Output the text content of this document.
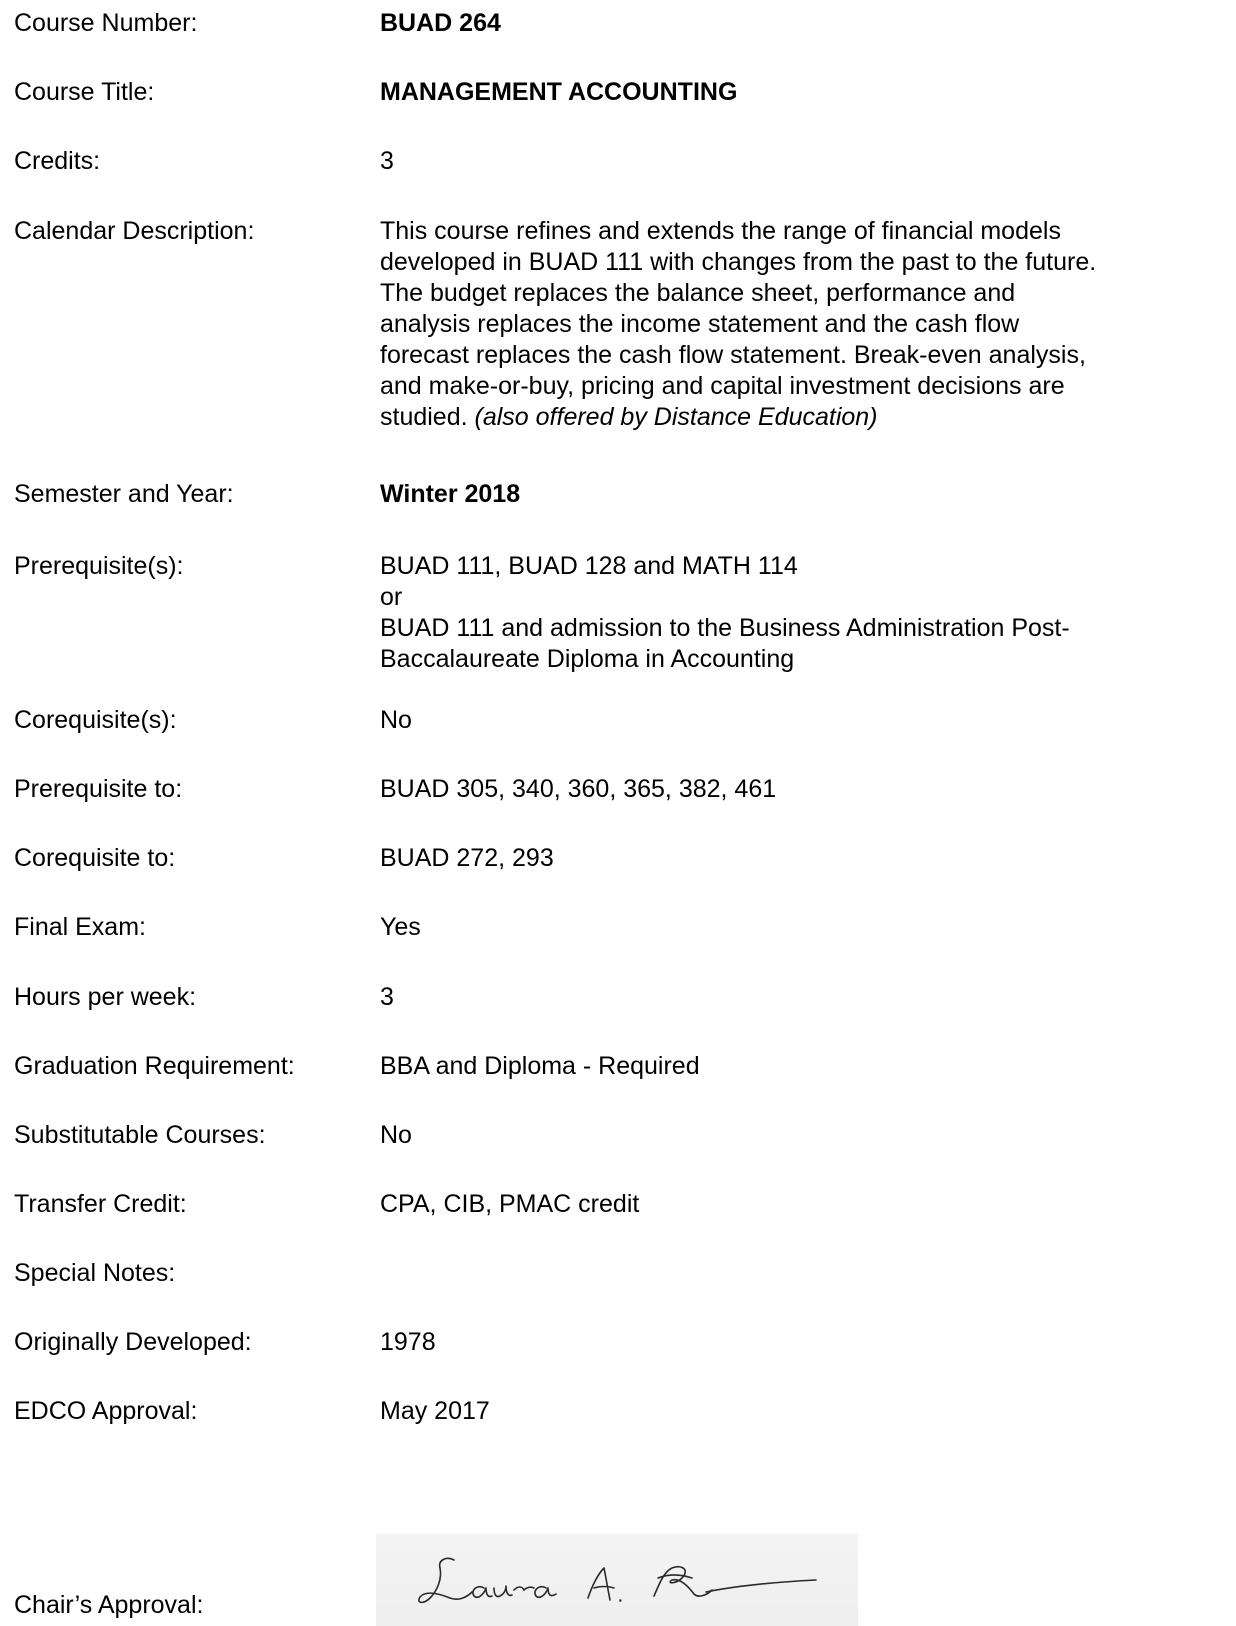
Course Number:	BUAD 264
Course Title:	MANAGEMENT ACCOUNTING
Credits:	3
Calendar Description:	This course refines and extends the range of financial models
developed in BUAD 111 with changes from the past to the future.
The budget replaces the balance sheet, performance and
analysis replaces the income statement and the cash flow
forecast replaces the cash flow statement. Break-even analysis,
and make-or-buy, pricing and capital investment decisions are
studied. (also offered by Distance Education)
Semester and Year:	Winter 2018
Prerequisite(s):	BUAD 111, BUAD 128 and MATH 114
or
BUAD 111 and admission to the Business Administration Post-
Baccalaureate Diploma in Accounting
Corequisite(s):	No
Prerequisite to:	BUAD 305, 340, 360, 365, 382, 461
Corequisite to:	BUAD 272, 293
Final Exam:	Yes
Hours per week:	3
Graduation Requirement:	BBA and Diploma - Required
Substitutable Courses:	No
Transfer Credit:	CPA, CIB, PMAC credit
Special Notes:
Originally Developed:	1978
EDCO Approval:	May 2017
Chair’s Approval:
